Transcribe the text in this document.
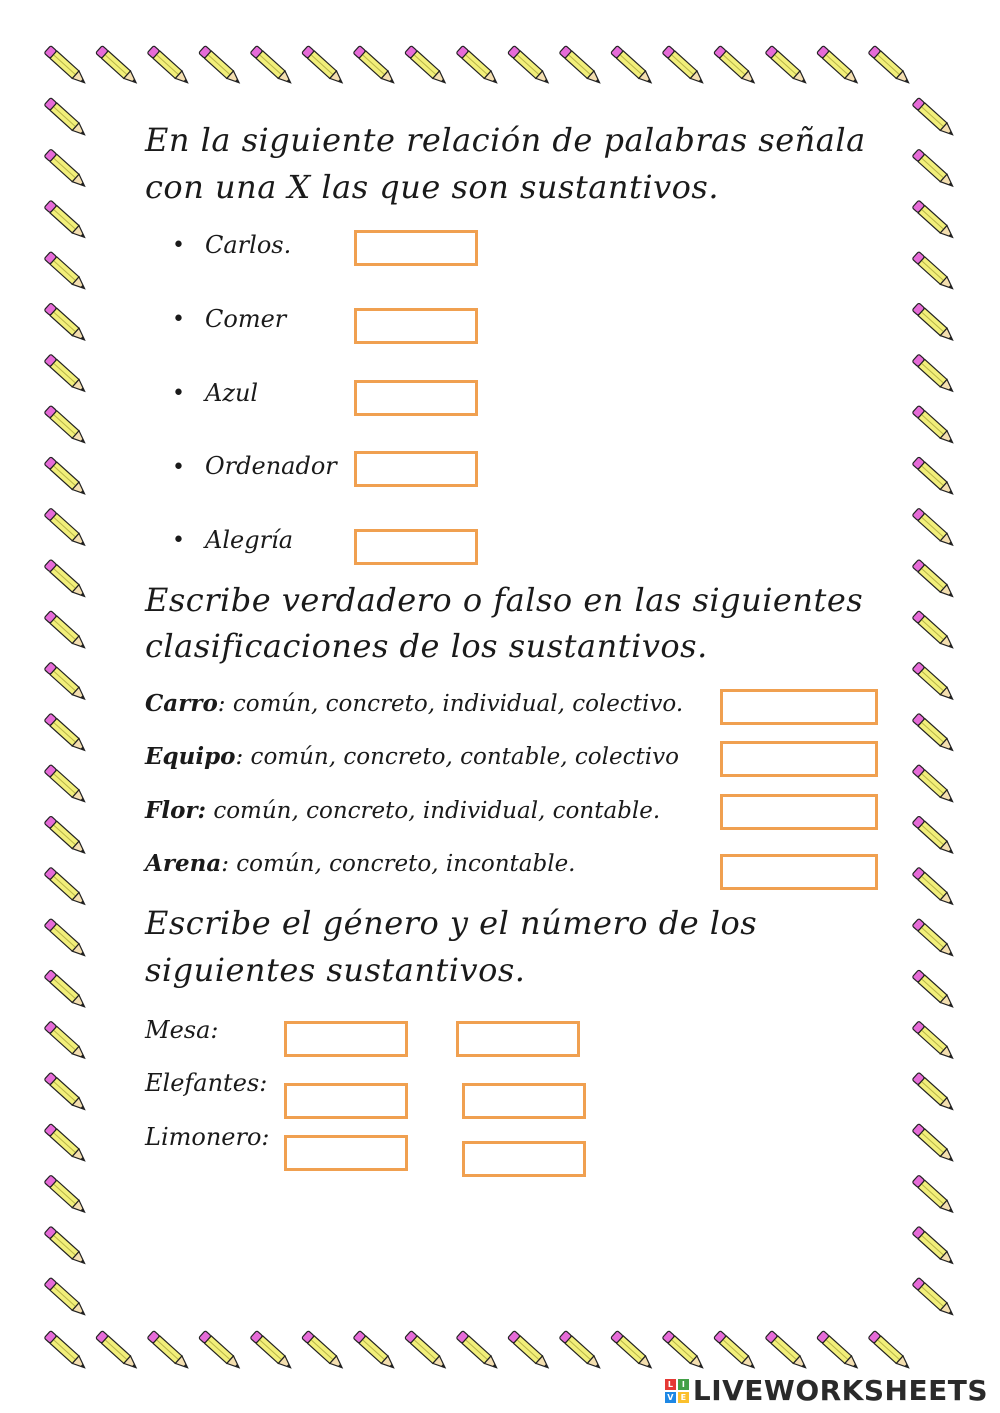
En la siguiente relación de palabras señala
con una X las que son sustantivos.
• Carlos.
• Comer
• Azul
• Ordenador
• Alegría
Escribe verdadero o falso en las siguientes
clasificaciones de los sustantivos.
Carro: común, concreto, individual, colectivo.
Equipo: común, concreto, contable, colectivo
Flor: común, concreto, individual, contable.
Arena: común, concreto, incontable.
Escribe el género y el número de los
siguientes sustantivos.
Mesa:
Elefantes:
Limonero:
L	I
V E LIVEWORKSHEETS
